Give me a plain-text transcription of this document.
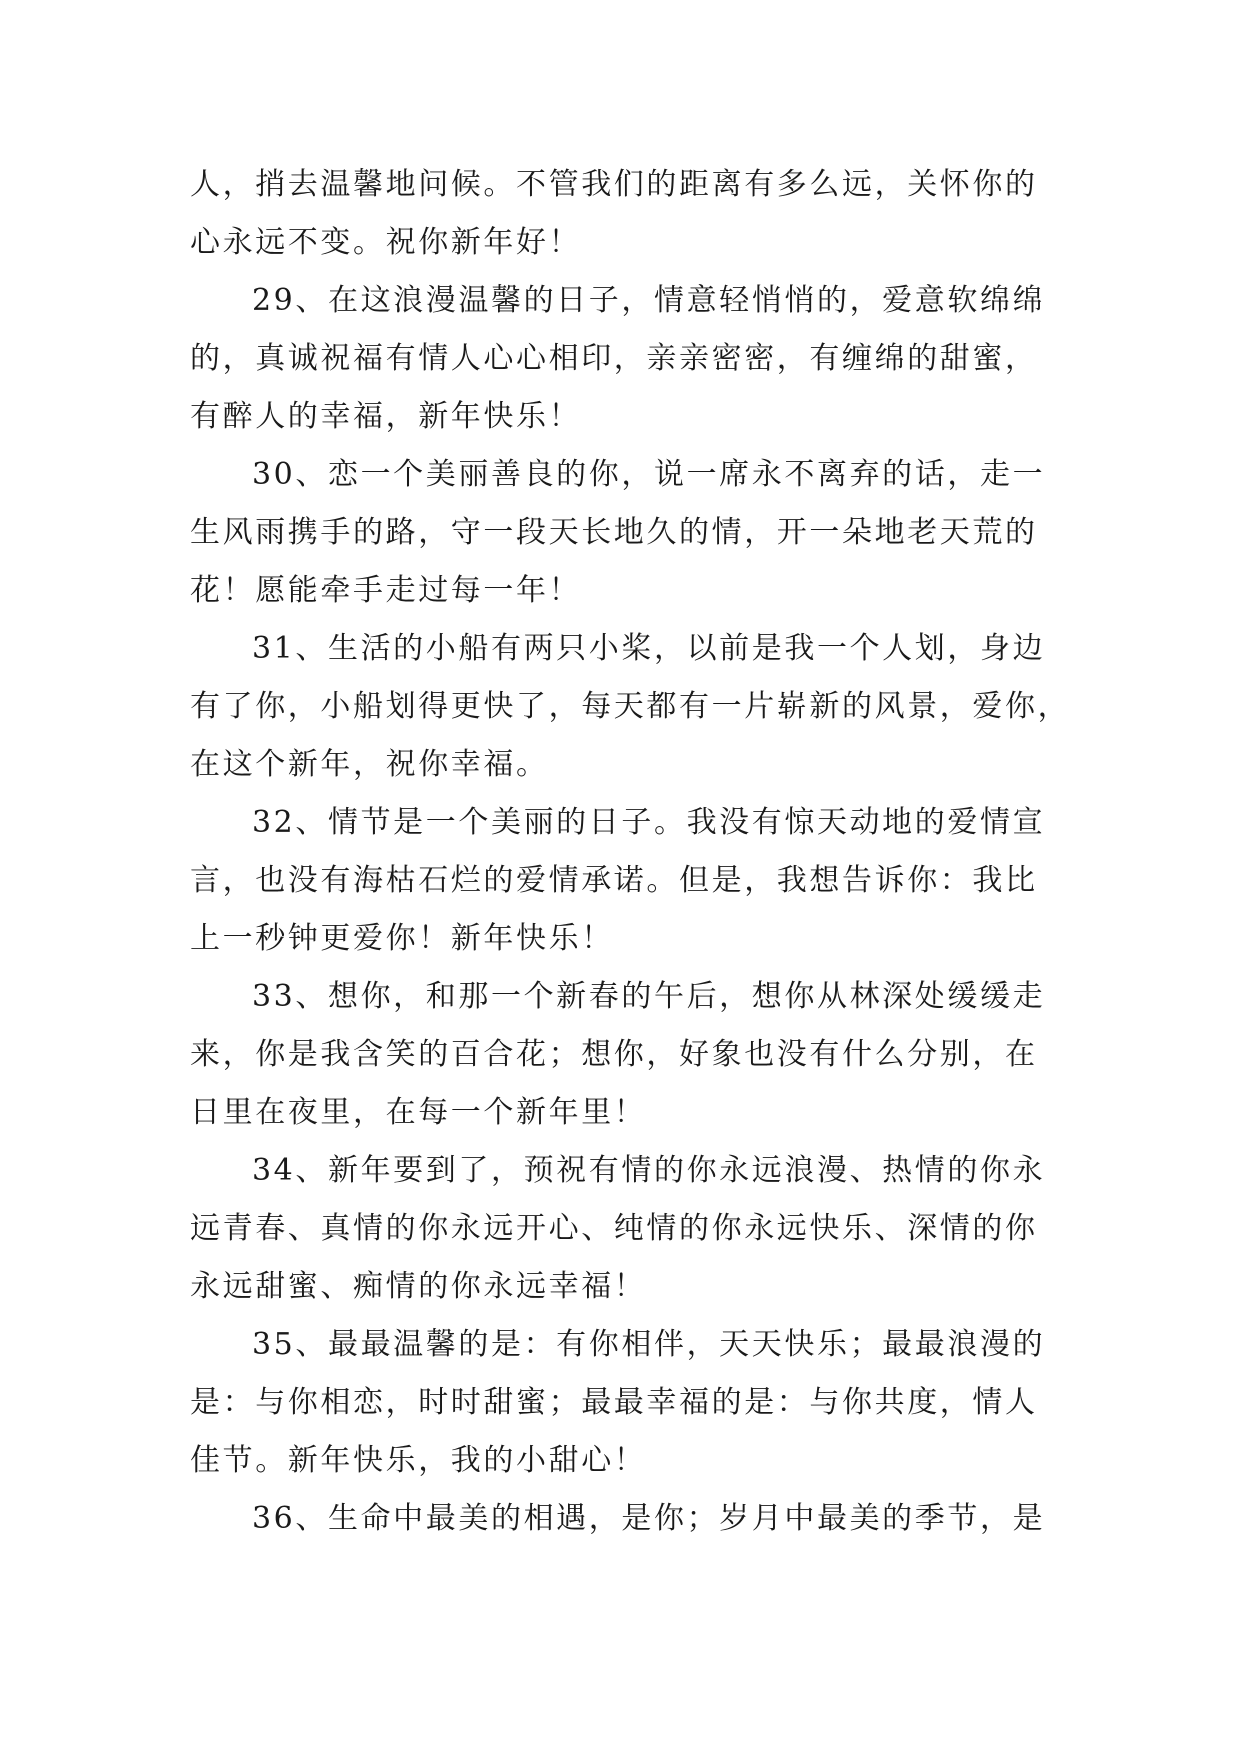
人，捎去温馨地问候。不管我们的距离有多么远，关怀你的
心永远不变。祝你新年好！

29、在这浪漫温馨的日子，情意轻悄悄的，爱意软绵绵
的，真诚祝福有情人心心相印，亲亲密密，有缠绵的甜蜜，
有醉人的幸福，新年快乐！

30、恋一个美丽善良的你，说一席永不离弃的话，走一
生风雨携手的路，守一段天长地久的情，开一朵地老天荒的
花！愿能牵手走过每一年！

31、生活的小船有两只小桨，以前是我一个人划，身边
有了你，小船划得更快了，每天都有一片崭新的风景，爱你，
在这个新年，祝你幸福。

32、情节是一个美丽的日子。我没有惊天动地的爱情宣
言，也没有海枯石烂的爱情承诺。但是，我想告诉你：我比
上一秒钟更爱你！新年快乐！

33、想你，和那一个新春的午后，想你从林深处缓缓走
来，你是我含笑的百合花；想你，好象也没有什么分别，在
日里在夜里，在每一个新年里！

34、新年要到了，预祝有情的你永远浪漫、热情的你永
远青春、真情的你永远开心、纯情的你永远快乐、深情的你
永远甜蜜、痴情的你永远幸福！

35、最最温馨的是：有你相伴，天天快乐；最最浪漫的
是：与你相恋，时时甜蜜；最最幸福的是：与你共度，情人
佳节。新年快乐，我的小甜心！

36、生命中最美的相遇，是你；岁月中最美的季节，是
